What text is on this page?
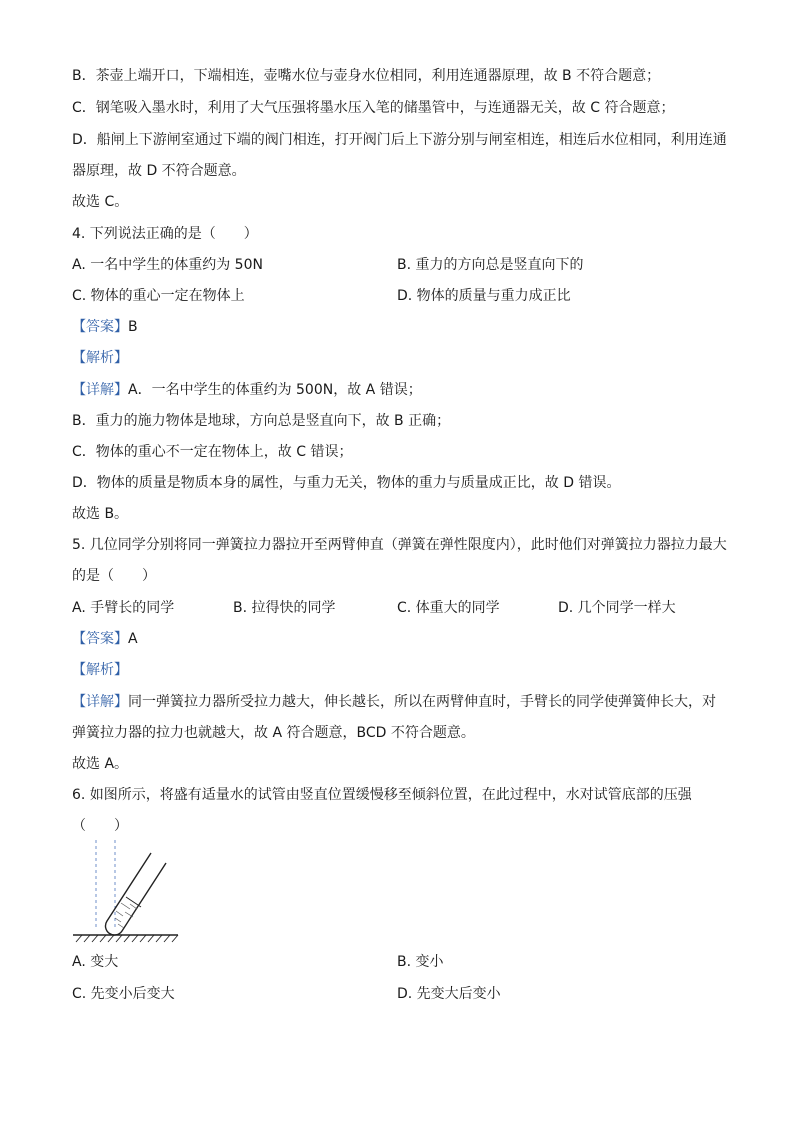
B．茶壶上端开口，下端相连，壶嘴水位与壶身水位相同，利用连通器原理，故 B 不符合题意；

C．钢笔吸入墨水时，利用了大气压强将墨水压入笔的储墨管中，与连通器无关，故 C 符合题意；

D．船闸上下游闸室通过下端的阀门相连，打开阀门后上下游分别与闸室相连，相连后水位相同，利用连通

器原理，故 D 不符合题意。

故选 C。

4. 下列说法正确的是（　　）

A. 一名中学生的体重约为 50N	B. 重力的方向总是竖直向下的

C. 物体的重心一定在物体上	D. 物体的质量与重力成正比

【答案】B

【解析】

【详解】A．一名中学生的体重约为 500N，故 A 错误；

B．重力的施力物体是地球，方向总是竖直向下，故 B 正确；

C．物体的重心不一定在物体上，故 C 错误；

D．物体的质量是物质本身的属性，与重力无关，物体的重力与质量成正比，故 D 错误。

故选 B。

5. 几位同学分别将同一弹簧拉力器拉开至两臂伸直（弹簧在弹性限度内），此时他们对弹簧拉力器拉力最大

的是（　　）

A. 手臂长的同学	B. 拉得快的同学	C. 体重大的同学	D. 几个同学一样大

【答案】A

【解析】

【详解】同一弹簧拉力器所受拉力越大，伸长越长，所以在两臂伸直时，手臂长的同学使弹簧伸长大，对

弹簧拉力器的拉力也就越大，故 A 符合题意，BCD 不符合题意。

故选 A。

6. 如图所示，将盛有适量水的试管由竖直位置缓慢移至倾斜位置，在此过程中，水对试管底部的压强

（　　）

A. 变大	B. 变小

C. 先变小后变大	D. 先变大后变小
